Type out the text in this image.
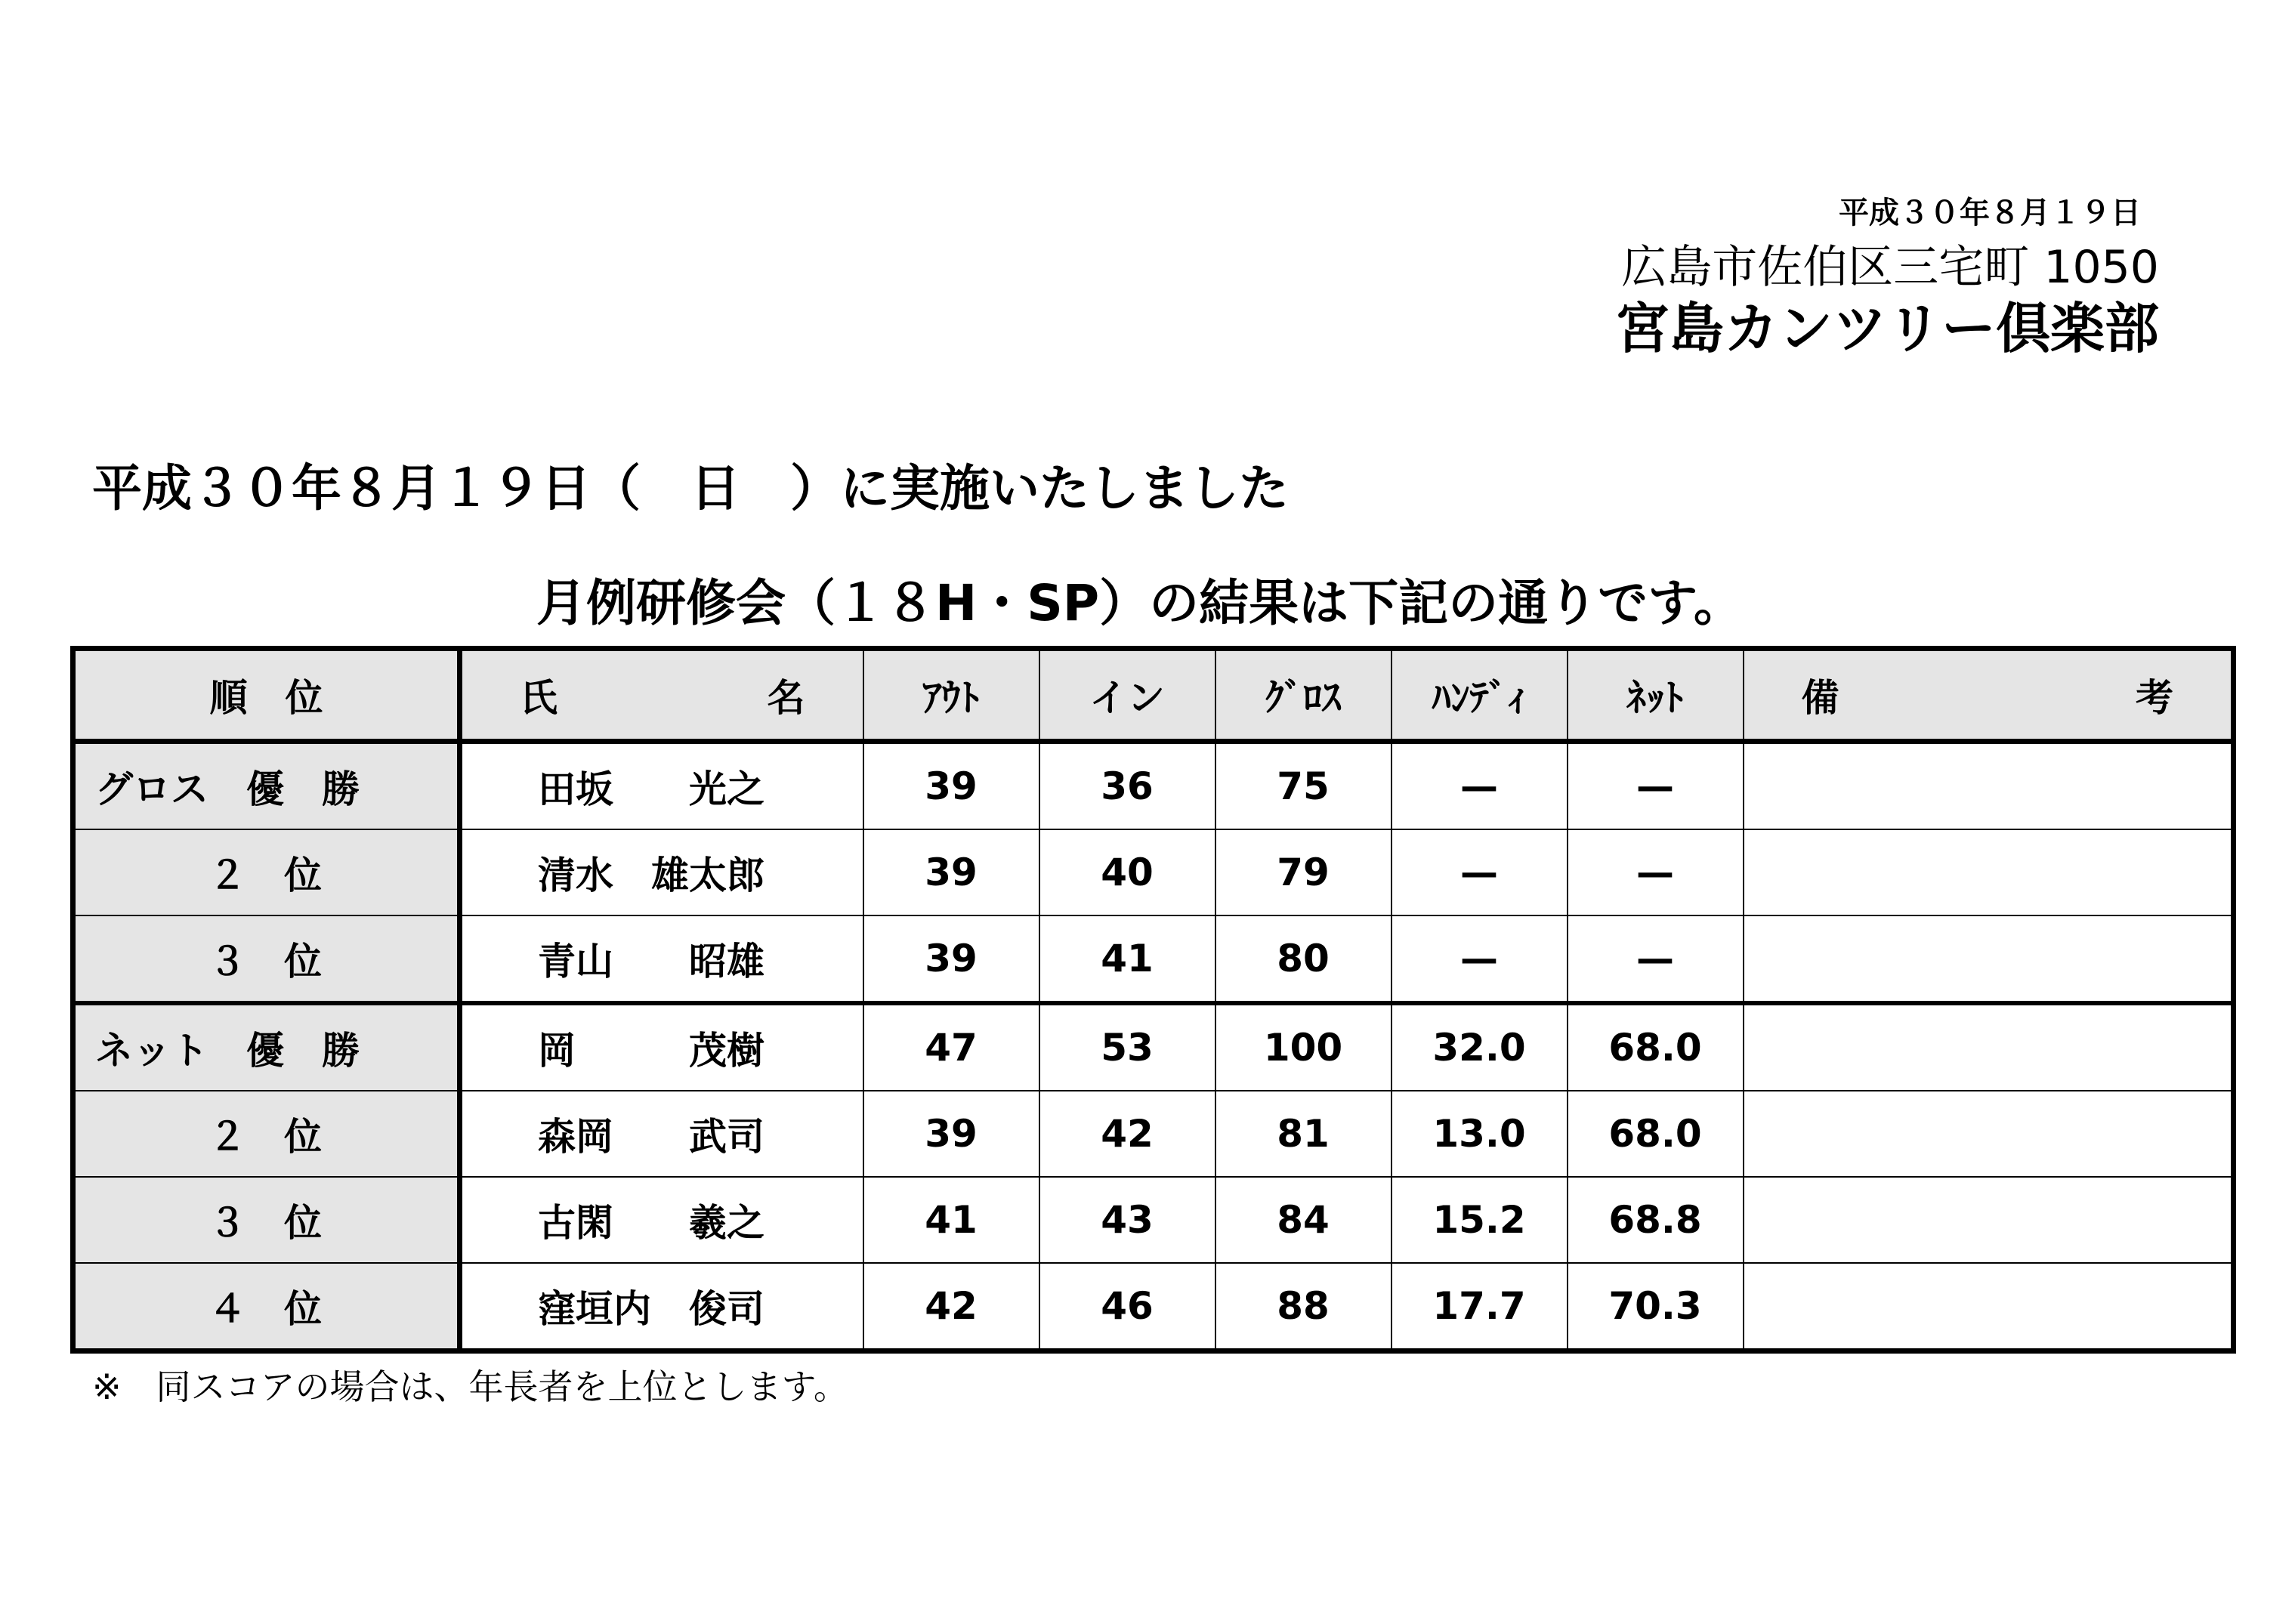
平成３０年８月１９日
広島市佐伯区三宅町 1050
宮島カンツリー倶楽部
平成３０年８月１９日（　日　）に実施いたしました
月例研修会（１８H・SP）の結果は下記の通りです。
順　位	氏 名	ｱｳﾄ	イン	ｸﾞﾛｽ	ﾊﾝﾃﾞｨ	ﾈｯﾄ	備 考

グロス　優　勝	田坂　　光之	39	36	75	—	—	
　　　２　位	清水　雄太郎	39	40	79	—	—	
　　　３　位	青山　　昭雄	39	41	80	—	—	
ネット　優　勝	岡　　　茂樹	47	53	100	32.0	68.0	
　　　２　位	森岡　　武司	39	42	81	13.0	68.0	
　　　３　位	古閑　　羲之	41	43	84	15.2	68.8	
　　　４　位	窪垣内　俊司	42	46	88	17.7	70.3	
※　同スコアの場合は、年長者を上位とします。
